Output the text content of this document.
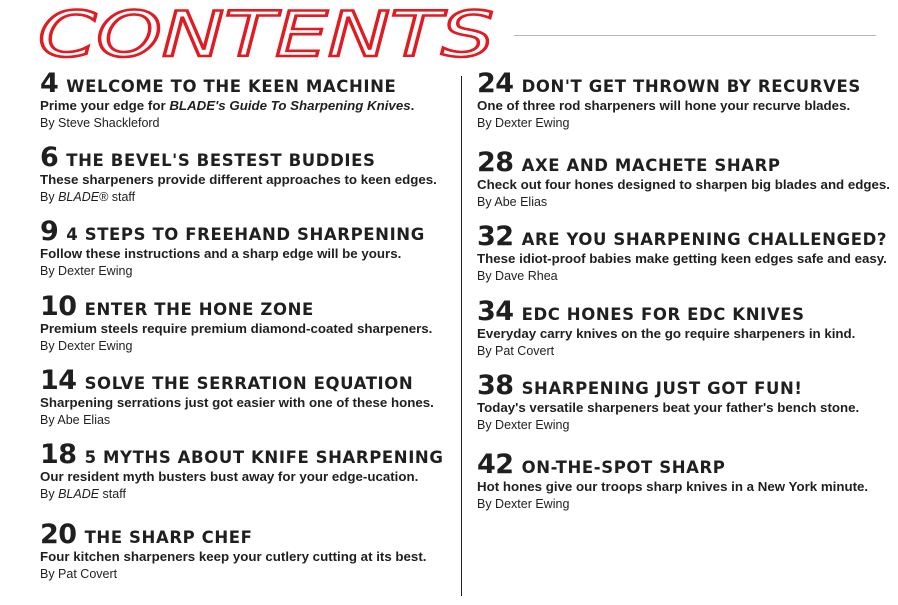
CONTENTS
4 WELCOME TO THE KEEN MACHINE
Prime your edge for BLADE's Guide To Sharpening Knives.
By Steve Shackleford
6 THE BEVEL'S BESTEST BUDDIES
These sharpeners provide different approaches to keen edges.
By BLADE® staff
9 4 STEPS TO FREEHAND SHARPENING
Follow these instructions and a sharp edge will be yours.
By Dexter Ewing
10 ENTER THE HONE ZONE
Premium steels require premium diamond-coated sharpeners.
By Dexter Ewing
14 SOLVE THE SERRATION EQUATION
Sharpening serrations just got easier with one of these hones.
By Abe Elias
18 5 MYTHS ABOUT KNIFE SHARPENING
Our resident myth busters bust away for your edge-ucation.
By BLADE staff
20 THE SHARP CHEF
Four kitchen sharpeners keep your cutlery cutting at its best.
By Pat Covert
24 DON'T GET THROWN BY RECURVES
One of three rod sharpeners will hone your recurve blades.
By Dexter Ewing
28 AXE AND MACHETE SHARP
Check out four hones designed to sharpen big blades and edges.
By Abe Elias
32 ARE YOU SHARPENING CHALLENGED?
These idiot-proof babies make getting keen edges safe and easy.
By Dave Rhea
34 EDC HONES FOR EDC KNIVES
Everyday carry knives on the go require sharpeners in kind.
By Pat Covert
38 SHARPENING JUST GOT FUN!
Today's versatile sharpeners beat your father's bench stone.
By Dexter Ewing
42 ON-THE-SPOT SHARP
Hot hones give our troops sharp knives in a New York minute.
By Dexter Ewing
